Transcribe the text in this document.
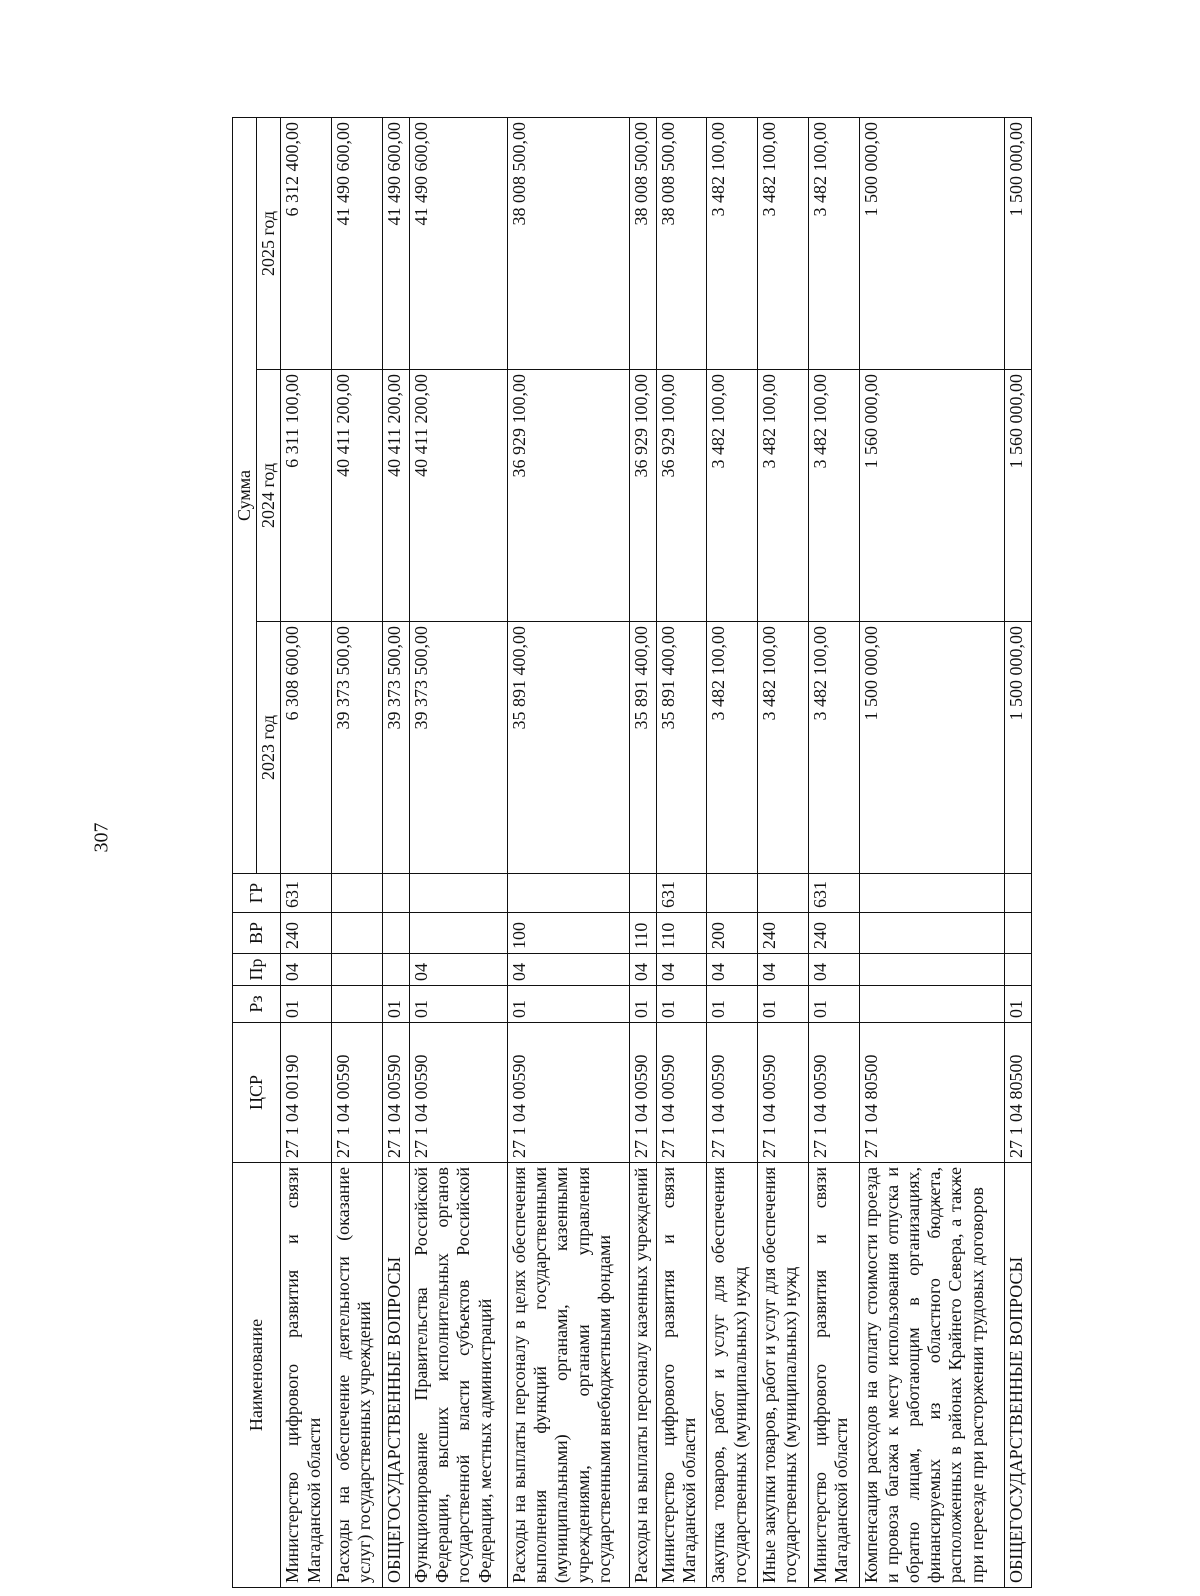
307
Наименование	ЦСР	Рз	Пр	ВР	ГР	Сумма		
						2023 год	2024 год	2025 год
Министерство цифрового развития и связи Магаданской области	27 1 04 00190	01	04	240	631	6 308 600,00	6 311 100,00	6 312 400,00
Расходы на обеспечение деятельности (оказание услуг) государственных учреждений	27 1 04 00590					39 373 500,00	40 411 200,00	41 490 600,00
ОБЩЕГОСУДАРСТВЕННЫЕ ВОПРОСЫ	27 1 04 00590	01				39 373 500,00	40 411 200,00	41 490 600,00
Функционирование Правительства Российской Федерации, высших исполнительных органов государственной власти субъектов Российской Федерации, местных администраций	27 1 04 00590	01	04			39 373 500,00	40 411 200,00	41 490 600,00
Расходы на выплаты персоналу в целях обеспечения выполнения функций государственными (муниципальными) органами, казенными учреждениями, органами управления государственными внебюджетными фондами	27 1 04 00590	01	04	100		35 891 400,00	36 929 100,00	38 008 500,00
Расходы на выплаты персоналу казенных учреждений	27 1 04 00590	01	04	110		35 891 400,00	36 929 100,00	38 008 500,00
Министерство цифрового развития и связи Магаданской области	27 1 04 00590	01	04	110	631	35 891 400,00	36 929 100,00	38 008 500,00
Закупка товаров, работ и услуг для обеспечения государственных (муниципальных) нужд	27 1 04 00590	01	04	200		3 482 100,00	3 482 100,00	3 482 100,00
Иные закупки товаров, работ и услуг для обеспечения государственных (муниципальных) нужд	27 1 04 00590	01	04	240		3 482 100,00	3 482 100,00	3 482 100,00
Министерство цифрового развития и связи Магаданской области	27 1 04 00590	01	04	240	631	3 482 100,00	3 482 100,00	3 482 100,00
Компенсация расходов на оплату стоимости проезда и провоза багажа к месту использования отпуска и обратно лицам, работающим в организациях, финансируемых из областного бюджета, расположенных в районах Крайнего Севера, а также при переезде при расторжении трудовых договоров	27 1 04 80500					1 500 000,00	1 560 000,00	1 500 000,00
ОБЩЕГОСУДАРСТВЕННЫЕ ВОПРОСЫ	27 1 04 80500	01				1 500 000,00	1 560 000,00	1 500 000,00
